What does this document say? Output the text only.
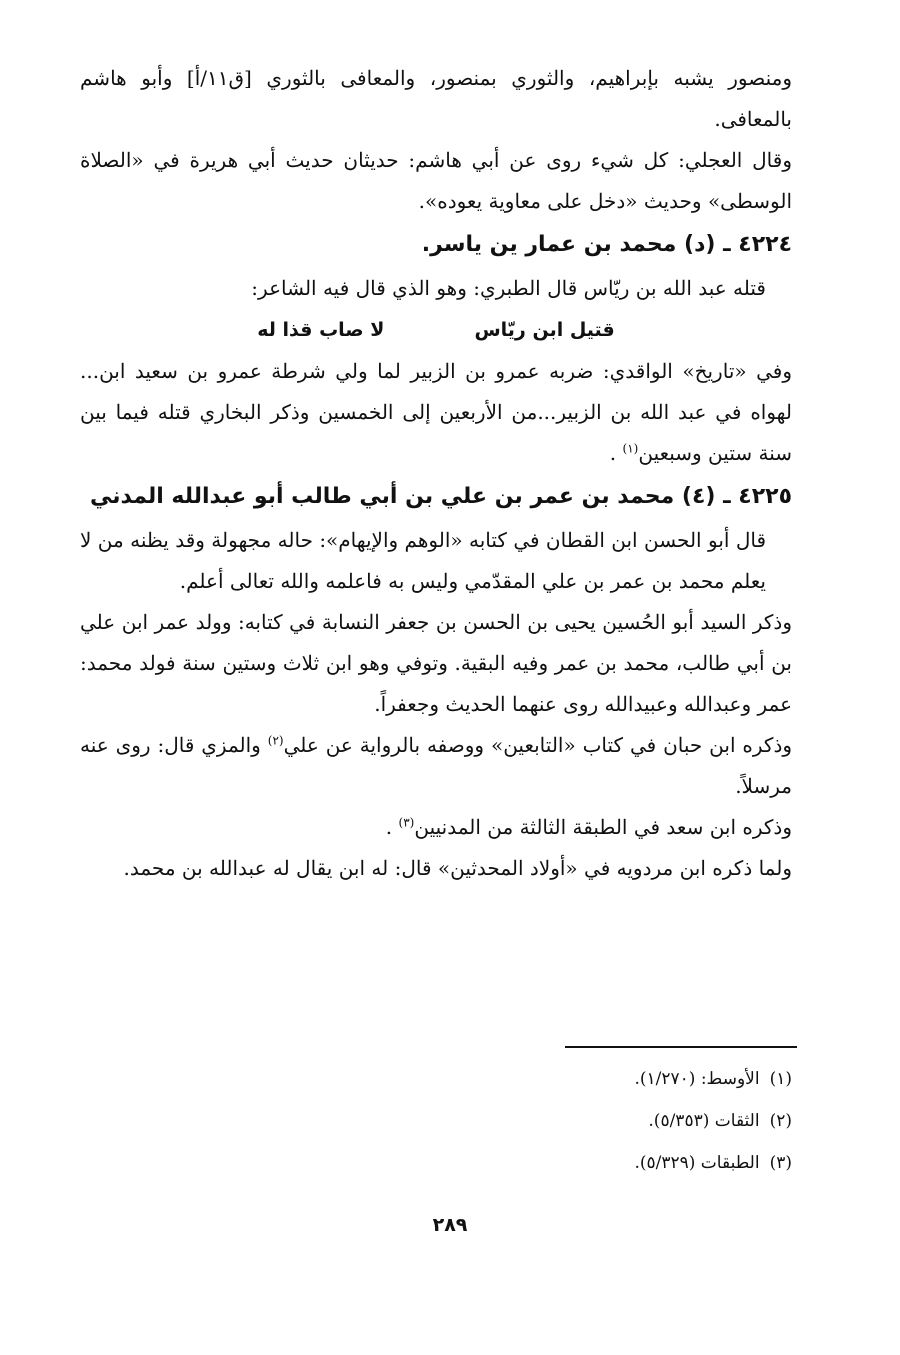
ومنصور يشبه بإبراهيم، والثوري بمنصور، والمعافى بالثوري [ق١١/أ] وأبو هاشم بالمعافى.

وقال العجلي: كل شيء روى عن أبي هاشم: حديثان حديث أبي هريرة في «الصلاة الوسطى» وحديث «دخل على معاوية يعوده».

٤٢٢٤ ـ (د) محمد بن عمار ين ياسر.

قتله عبد الله بن ريّاس قال الطبري: وهو الذي قال فيه الشاعر:

قتيل ابن ريّاس
لا صاب قذا له

وفي «تاريخ» الواقدي: ضربه عمرو بن الزبير لما ولي شرطة عمرو بن سعيد ابن... لهواه في عبد الله بن الزبير...من الأربعين إلى الخمسين وذكر البخاري قتله فيما بين سنة ستين وسبعين$^{(١)}$ .

٤٢٢٥ ـ (٤) محمد بن عمر بن علي بن أبي طالب أبو عبدالله المدني

قال أبو الحسن ابن القطان في كتابه «الوهم والإيهام»: حاله مجهولة وقد يظنه من لا يعلم محمد بن عمر بن علي المقدّمي وليس به فاعلمه والله تعالى أعلم.

وذكر السيد أبو الحُسين يحيى بن الحسن بن جعفر النسابة في كتابه: وولد عمر ابن علي بن أبي طالب، محمد بن عمر وفيه البقية. وتوفي وهو ابن ثلاث وستين سنة فولد محمد: عمر وعبدالله وعبيدالله روى عنهما الحديث وجعفراً.

وذكره ابن حبان في كتاب «التابعين» ووصفه بالرواية عن علي$^{(٢)}$ والمزي قال: روى عنه مرسلاً.

وذكره ابن سعد في الطبقة الثالثة من المدنيين$^{(٣)}$ .

ولما ذكره ابن مردويه في «أولاد المحدثين» قال: له ابن يقال له عبدالله بن محمد.

(١)الأوسط: (١/٢٧٠).

(٢)الثقات (٥/٣٥٣).

(٣)الطبقات (٥/٣٢٩).

٢٨٩
